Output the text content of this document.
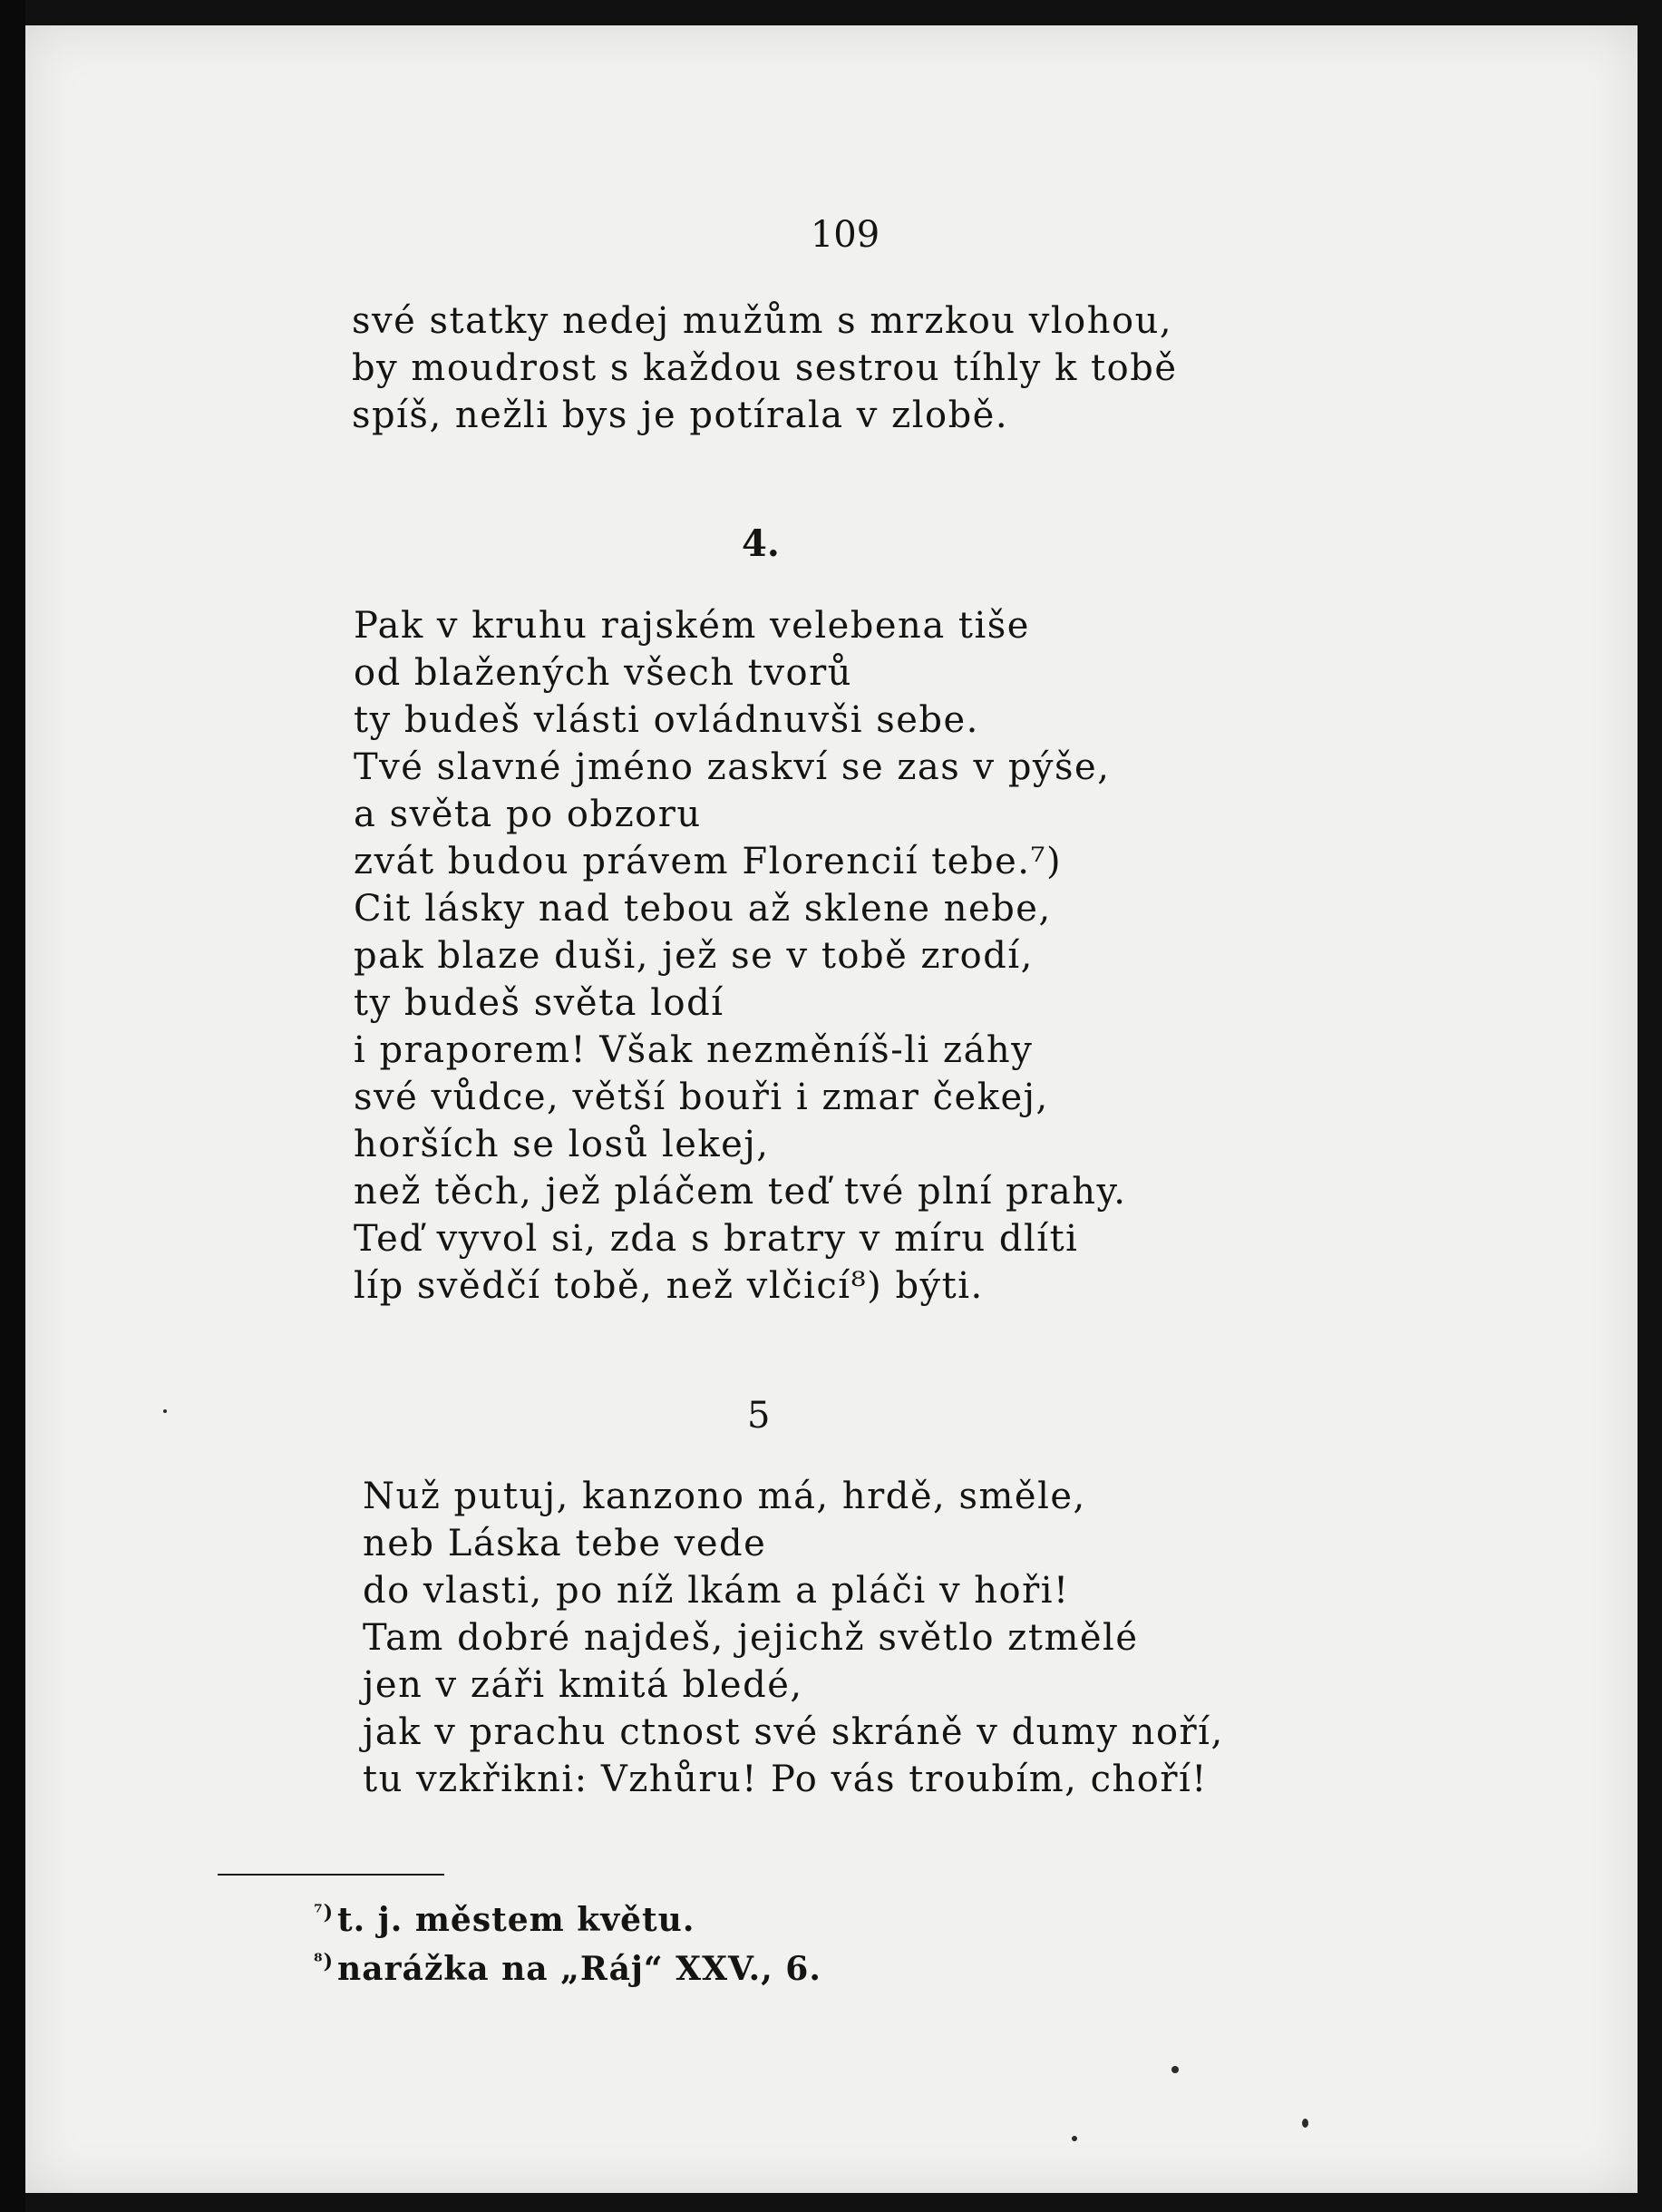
109
své statky nedej mužům s mrzkou vlohou,
by moudrost s každou sestrou tíhly k tobě
spíš, nežli bys je potírala v zlobě.
4.
Pak v kruhu rajském velebena tiše
od blažených všech tvorů
ty budeš vlásti ovládnuvši sebe.
Tvé slavné jméno zaskví se zas v pýše,
a světa po obzoru
zvát budou právem Florencií tebe.⁷)
Cit lásky nad tebou až sklene nebe,
pak blaze duši, jež se v tobě zrodí,
ty budeš světa lodí
i praporem! Však nezměníš-li záhy
své vůdce, větší bouři i zmar čekej,
horších se losů lekej,
než těch, jež pláčem teď tvé plní prahy.
Teď vyvol si, zda s bratry v míru dlíti
líp svědčí tobě, než vlčicí⁸) býti.
5
Nuž putuj, kanzono má, hrdě, směle,
neb Láska tebe vede
do vlasti, po níž lkám a pláči v hoři!
Tam dobré najdeš, jejichž světlo ztmělé
jen v záři kmitá bledé,
jak v prachu ctnost své skráně v dumy noří,
tu vzkřikni: Vzhůru! Po vás troubím, choří!
$^{^7)}$ t. j. městem květu.
$^{^8)}$ narážka na „Ráj“ XXV., 6.
